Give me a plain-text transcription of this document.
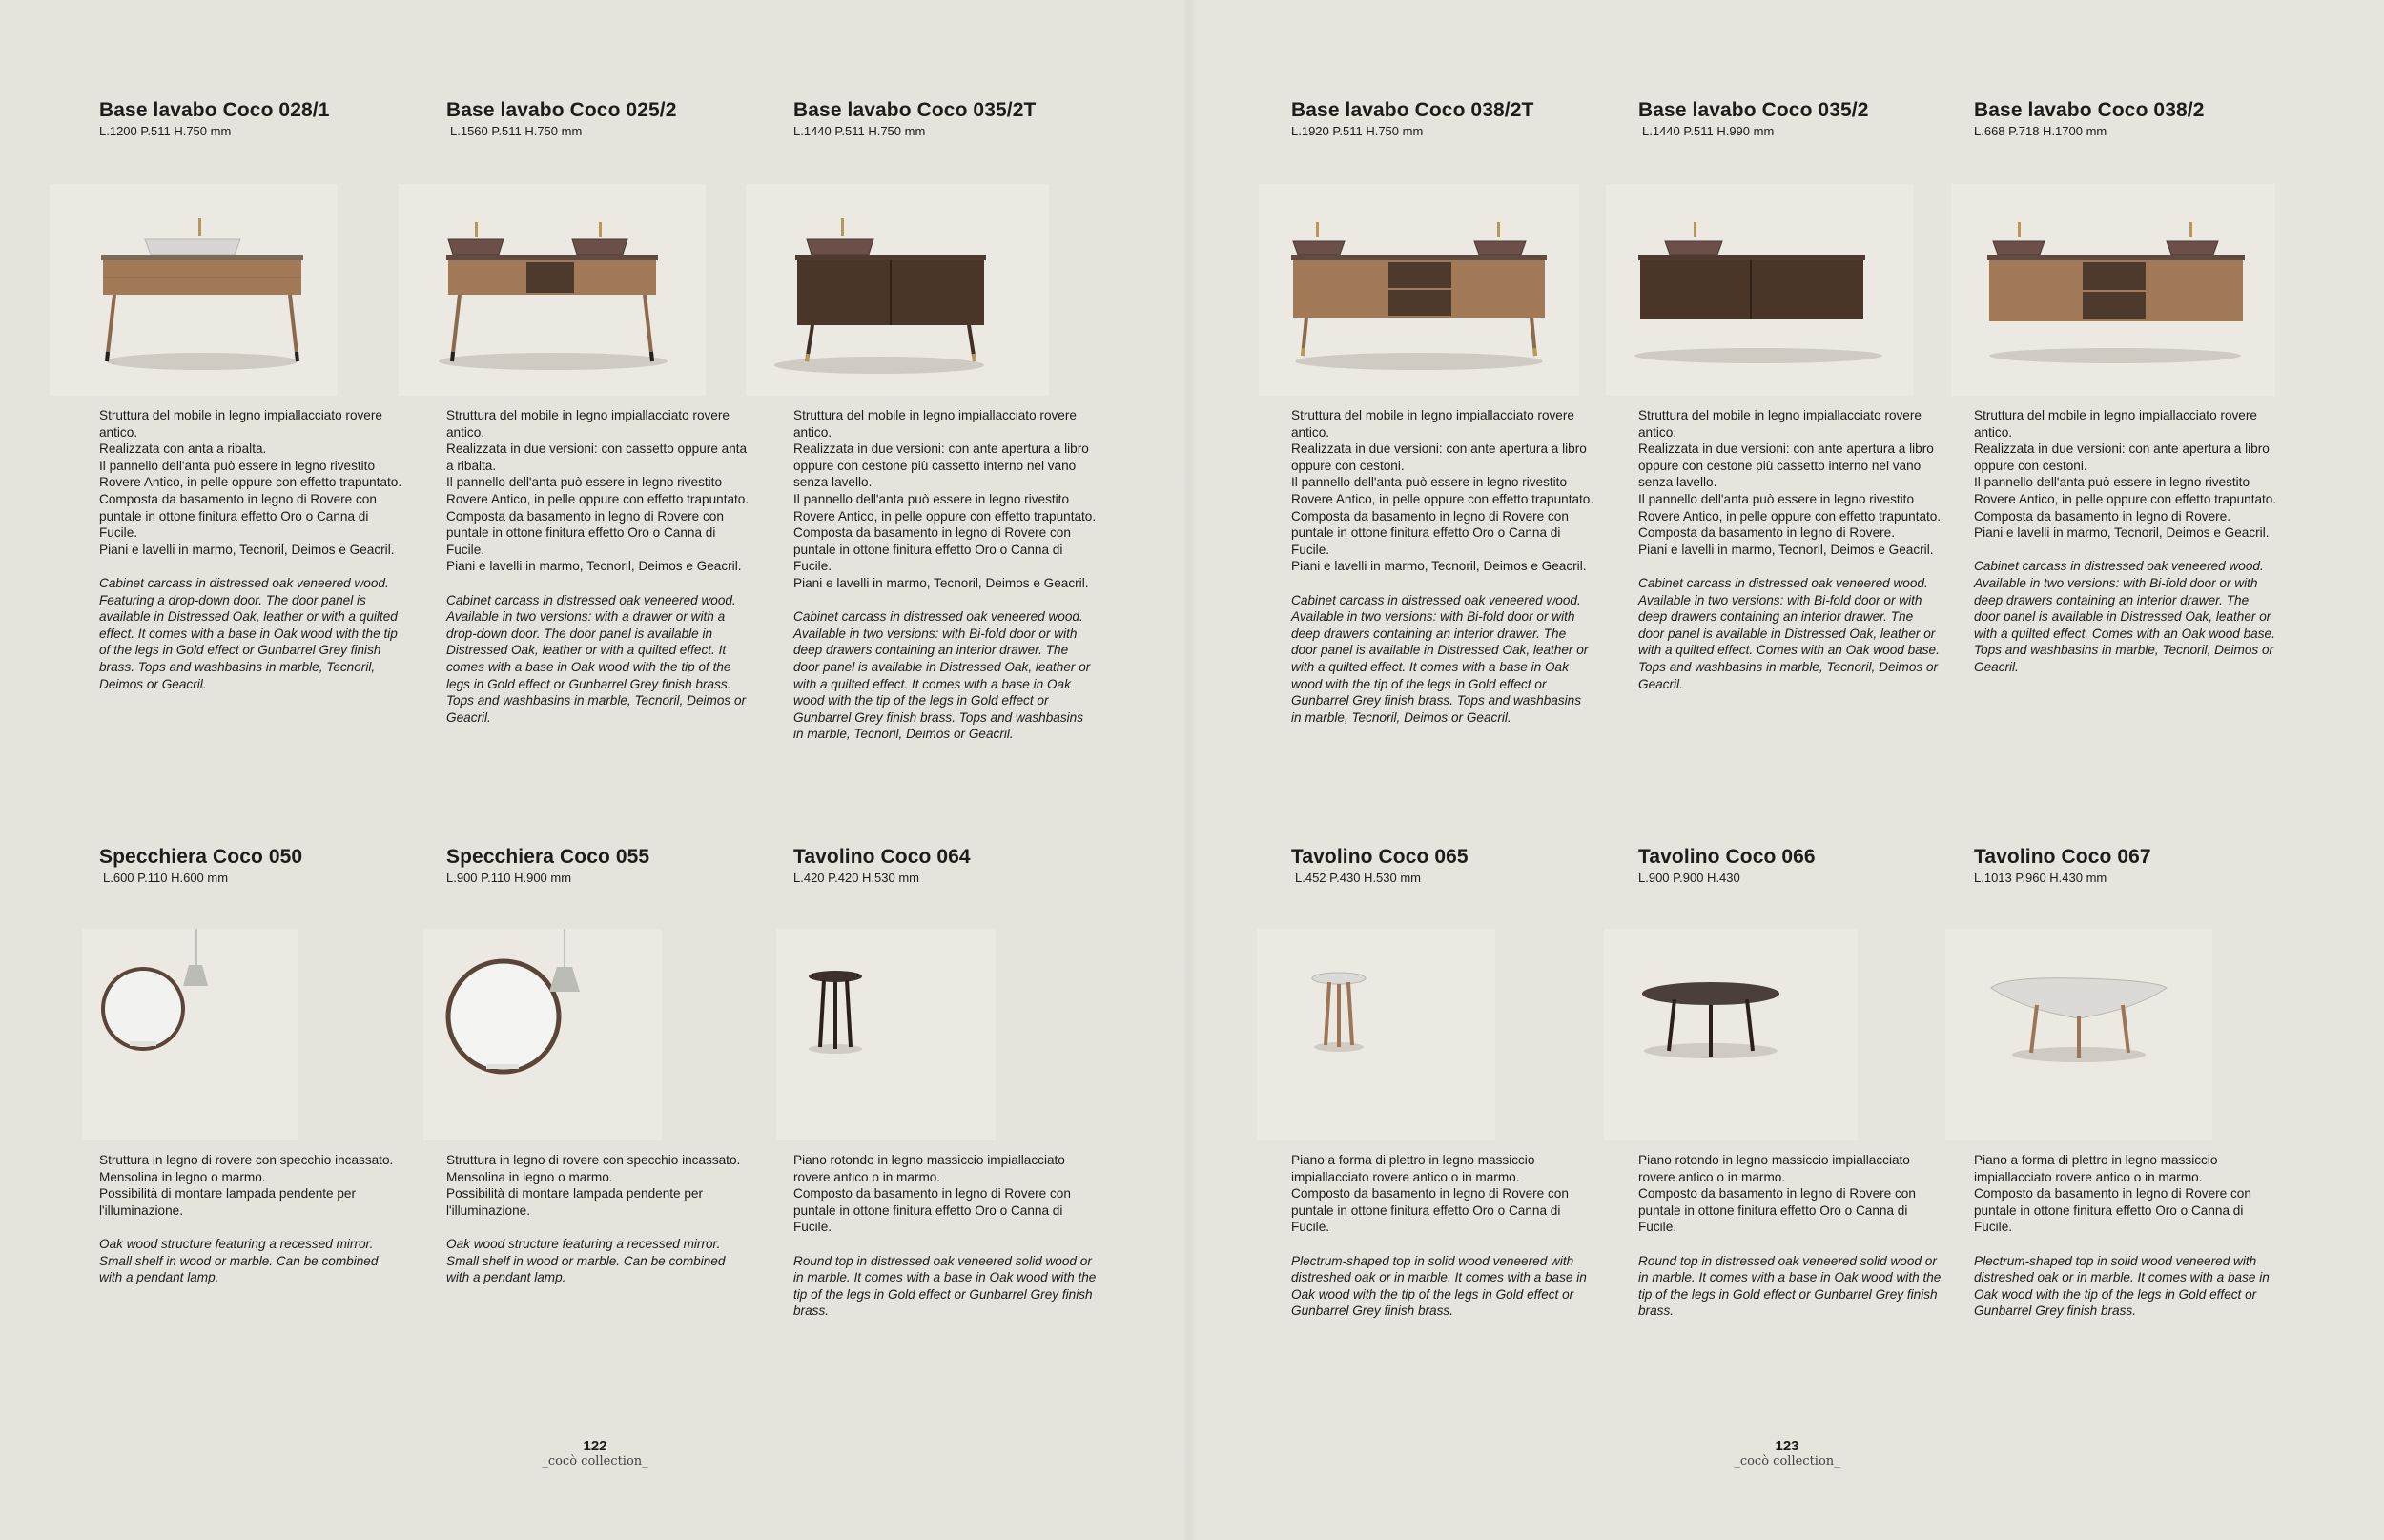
Base lavabo Coco 028/1
L.1200 P.511 H.750 mm

Struttura del mobile in legno impiallacciato rovere antico.
Realizzata con anta a ribalta.
Il pannello dell'anta può essere in legno rivestito Rovere Antico, in pelle oppure con effetto trapuntato.
Composta da basamento in legno di Rovere con puntale in ottone finitura effetto Oro o Canna di Fucile.
Piani e lavelli in marmo, Tecnoril, Deimos e Geacril.

Cabinet carcass in distressed oak veneered wood. Featuring a drop-down door. The door panel is available in Distressed Oak, leather or with a quilted effect. It comes with a base in Oak wood with the tip of the legs in Gold effect or Gunbarrel Grey finish brass. Tops and washbasins in marble, Tecnoril, Deimos or Geacril.

Base lavabo Coco 025/2
L.1560 P.511 H.750 mm

Struttura del mobile in legno impiallacciato rovere antico.
Realizzata in due versioni: con cassetto oppure anta a ribalta.
Il pannello dell'anta può essere in legno rivestito Rovere Antico, in pelle oppure con effetto trapuntato.
Composta da basamento in legno di Rovere con puntale in ottone finitura effetto Oro o Canna di Fucile.
Piani e lavelli in marmo, Tecnoril, Deimos e Geacril.

Cabinet carcass in distressed oak veneered wood. Available in two versions: with a drawer or with a drop-down door. The door panel is available in Distressed Oak, leather or with a quilted effect. It comes with a base in Oak wood with the tip of the legs in Gold effect or Gunbarrel Grey finish brass. Tops and washbasins in marble, Tecnoril, Deimos or Geacril.

Base lavabo Coco 035/2T
L.1440 P.511 H.750 mm

Struttura del mobile in legno impiallacciato rovere antico.
Realizzata in due versioni: con ante apertura a libro oppure con cestone più cassetto interno nel vano senza lavello.
Il pannello dell'anta può essere in legno rivestito Rovere Antico, in pelle oppure con effetto trapuntato.
Composta da basamento in legno di Rovere con puntale in ottone finitura effetto Oro o Canna di Fucile.
Piani e lavelli in marmo, Tecnoril, Deimos e Geacril.

Cabinet carcass in distressed oak veneered wood. Available in two versions: with Bi-fold door or with deep drawers containing an interior drawer. The door panel is available in Distressed Oak, leather or with a quilted effect. It comes with a base in Oak wood with the tip of the legs in Gold effect or Gunbarrel Grey finish brass. Tops and washbasins in marble, Tecnoril, Deimos or Geacril.

Specchiera Coco 050
L.600 P.110 H.600 mm

Struttura in legno di rovere con specchio incassato.
Mensolina in legno o marmo.
Possibilità di montare lampada pendente per l'illuminazione.

Oak wood structure featuring a recessed mirror. Small shelf in wood or marble. Can be combined with a pendant lamp.

Specchiera Coco 055
L.900 P.110 H.900 mm

Struttura in legno di rovere con specchio incassato.
Mensolina in legno o marmo.
Possibilità di montare lampada pendente per l'illuminazione.

Oak wood structure featuring a recessed mirror. Small shelf in wood or marble. Can be combined with a pendant lamp.

Tavolino Coco 064
L.420 P.420 H.530 mm

Piano rotondo in legno massiccio impiallacciato rovere antico o in marmo.
Composto da basamento in legno di Rovere con puntale in ottone finitura effetto Oro o Canna di Fucile.

Round top in distressed oak veneered solid wood or in marble. It comes with a base in Oak wood with the tip of the legs in Gold effect or Gunbarrel Grey finish brass.

122
_cocò collection_
Base lavabo Coco 038/2T
L.1920 P.511 H.750 mm

Struttura del mobile in legno impiallacciato rovere antico.
Realizzata in due versioni: con ante apertura a libro oppure con cestoni.
Il pannello dell'anta può essere in legno rivestito Rovere Antico, in pelle oppure con effetto trapuntato.
Composta da basamento in legno di Rovere con puntale in ottone finitura effetto Oro o Canna di Fucile.
Piani e lavelli in marmo, Tecnoril, Deimos e Geacril.

Cabinet carcass in distressed oak veneered wood. Available in two versions: with Bi-fold door or with deep drawers containing an interior drawer. The door panel is available in Distressed Oak, leather or with a quilted effect. It comes with a base in Oak wood with the tip of the legs in Gold effect or Gunbarrel Grey finish brass. Tops and washbasins in marble, Tecnoril, Deimos or Geacril.

Base lavabo Coco 035/2
L.1440 P.511 H.990 mm

Struttura del mobile in legno impiallacciato rovere antico.
Realizzata in due versioni: con ante apertura a libro oppure con cestone più cassetto interno nel vano senza lavello.
Il pannello dell'anta può essere in legno rivestito Rovere Antico, in pelle oppure con effetto trapuntato.
Composta da basamento in legno di Rovere.
Piani e lavelli in marmo, Tecnoril, Deimos e Geacril.

Cabinet carcass in distressed oak veneered wood. Available in two versions: with Bi-fold door or with deep drawers containing an interior drawer. The door panel is available in Distressed Oak, leather or with a quilted effect. Comes with an Oak wood base. Tops and washbasins in marble, Tecnoril, Deimos or Geacril.

Base lavabo Coco 038/2
L.668 P.718 H.1700 mm

Struttura del mobile in legno impiallacciato rovere antico.
Realizzata in due versioni: con ante apertura a libro oppure con cestoni.
Il pannello dell'anta può essere in legno rivestito Rovere Antico, in pelle oppure con effetto trapuntato.
Composta da basamento in legno di Rovere.
Piani e lavelli in marmo, Tecnoril, Deimos e Geacril.

Cabinet carcass in distressed oak veneered wood. Available in two versions: with Bi-fold door or with deep drawers containing an interior drawer. The door panel is available in Distressed Oak, leather or with a quilted effect. Comes with an Oak wood base. Tops and washbasins in marble, Tecnoril, Deimos or Geacril.

Tavolino Coco 065
L.452 P.430 H.530 mm

Piano a forma di plettro in legno massiccio impiallacciato rovere antico o in marmo.
Composto da basamento in legno di Rovere con puntale in ottone finitura effetto Oro o Canna di Fucile.

Plectrum-shaped top in solid wood veneered with distreshed oak or in marble. It comes with a base in Oak wood with the tip of the legs in Gold effect or Gunbarrel Grey finish brass.

Tavolino Coco 066
L.900 P.900 H.430

Piano rotondo in legno massiccio impiallacciato rovere antico o in marmo.
Composto da basamento in legno di Rovere con puntale in ottone finitura effetto Oro o Canna di Fucile.

Round top in distressed oak veneered solid wood or in marble. It comes with a base in Oak wood with the tip of the legs in Gold effect or Gunbarrel Grey finish brass.

Tavolino Coco 067
L.1013 P.960 H.430 mm

Piano a forma di plettro in legno massiccio impiallacciato rovere antico o in marmo.
Composto da basamento in legno di Rovere con puntale in ottone finitura effetto Oro o Canna di Fucile.

Plectrum-shaped top in solid wood veneered with distreshed oak or in marble. It comes with a base in Oak wood with the tip of the legs in Gold effect or Gunbarrel Grey finish brass.

123
_cocò collection_
